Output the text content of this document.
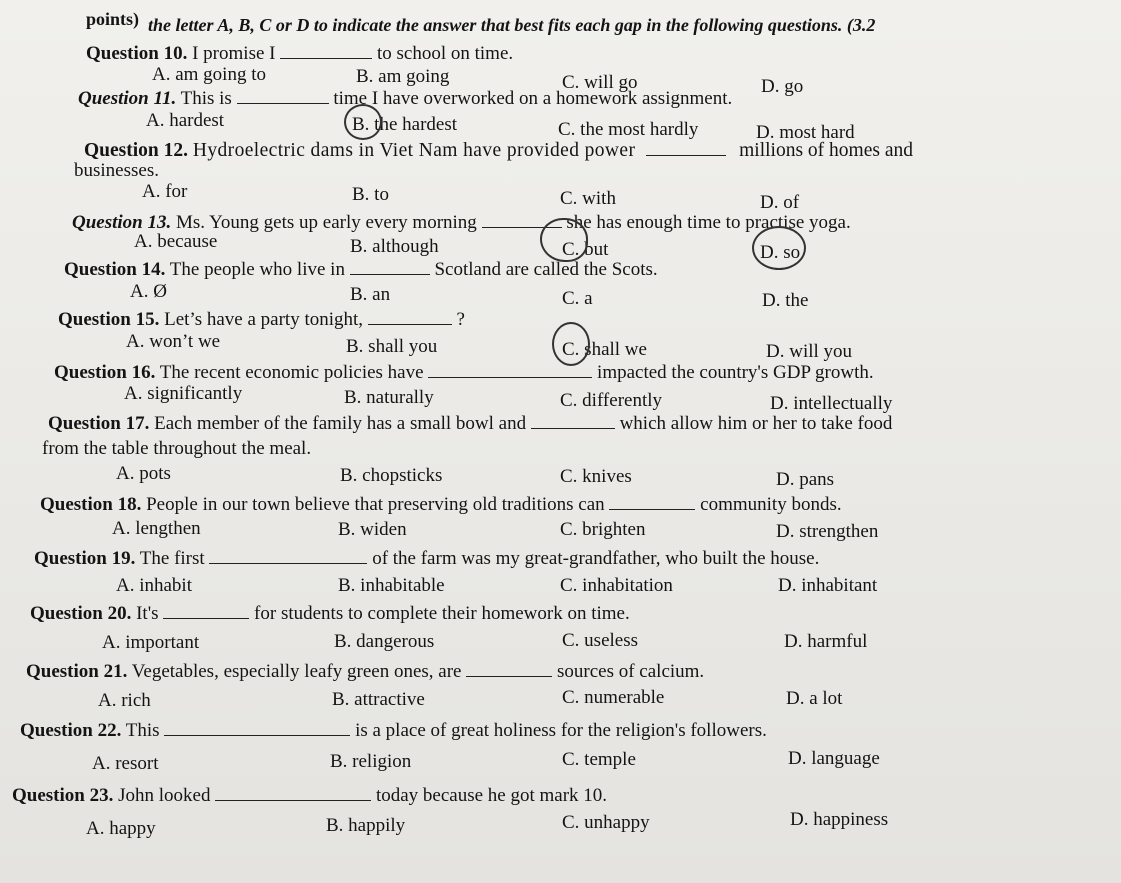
the letter A, B, C or D to indicate the answer that best fits each gap in the following questions. (3.2
points)
Question 10. I promise I	to school on time.
A. am going to	B. am going	C. will go	D. go
Question 11. This is	time I have overworked on a homework assignment.
A. hardest	B. the hardest	C. the most hardly	D. most hard
Question 12. Hydroelectric dams in Viet Nam have provided power	millions of homes and
businesses.
A. for	B. to	C. with	D. of
Question 13. Ms. Young gets up early every morning	she has enough time to practise yoga.
A. because	B. although	C. but	D. so
Question 14. The people who live in	Scotland are called the Scots.
A. Ø	B. an	C. a	D. the
Question 15. Let’s have a party tonight,	?
A. won’t we	B. shall you	C. shall we	D. will you
Question 16. The recent economic policies have	impacted the country's GDP growth.
A. significantly	B. naturally	C. differently	D. intellectually
Question 17. Each member of the family has a small bowl and	which allow him or her to take food
from the table throughout the meal.
A. pots	B. chopsticks	C. knives	D. pans
Question 18. People in our town believe that preserving old traditions can	community bonds.
A. lengthen	B. widen	C. brighten	D. strengthen
Question 19. The first	of the farm was my great-grandfather, who built the house.
A. inhabit	B. inhabitable	C. inhabitation	D. inhabitant
Question 20. It's	for students to complete their homework on time.
A. important	B. dangerous	C. useless	D. harmful
Question 21. Vegetables, especially leafy green ones, are	sources of calcium.
A. rich	B. attractive	C. numerable	D. a lot
Question 22. This	is a place of great holiness for the religion's followers.
A. resort	B. religion	C. temple	D. language
Question 23. John looked	today because he got mark 10.
A. happy	B. happily	C. unhappy	D. happiness
